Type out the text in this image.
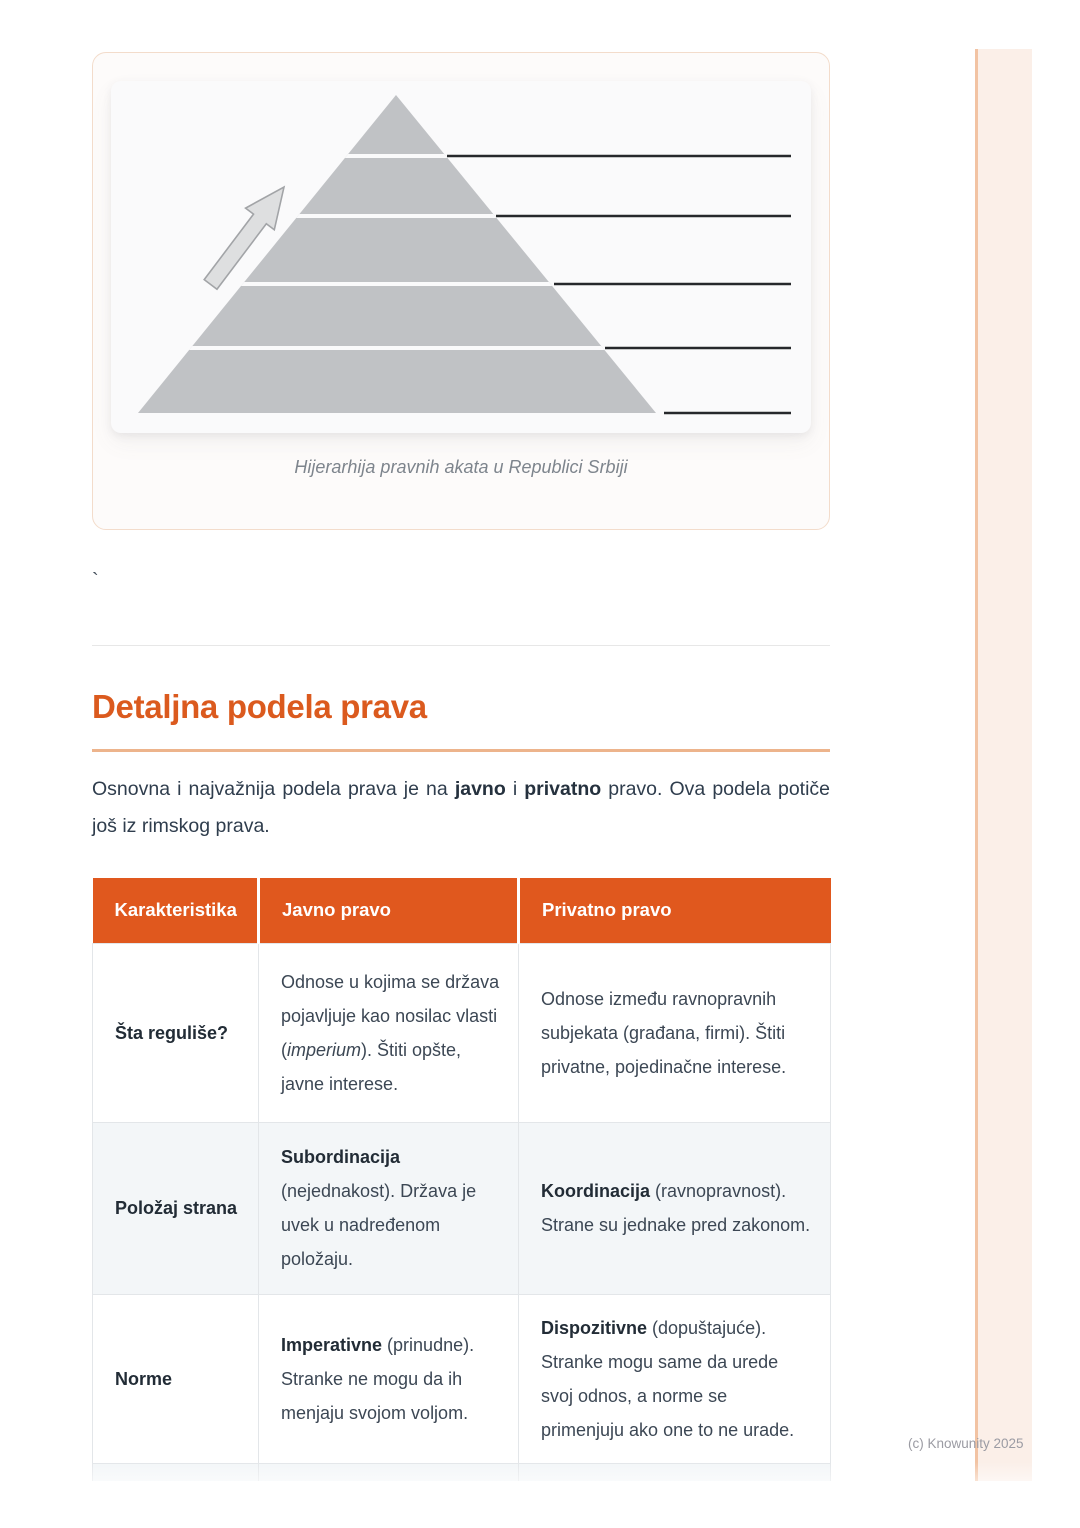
Hijerarhija pravnih akata u Republici Srbiji
`
Detaljna podela prava

Osnovna i najvažnija podela prava je na javno i privatno pravo. Ova podela potiče još iz rimskog prava.

Karakteristika	Javno pravo	Privatno pravo
Šta reguliše?	Odnose u kojima se država pojavljuje kao nosilac vlasti (imperium). Štiti opšte, javne interese.	Odnose između ravnopravnih subjekata (građana, firmi). Štiti privatne, pojedinačne interese.
Položaj strana	Subordinacija (nejednakost). Država je uvek u nadređenom položaju.	Koordinacija (ravnopravnost). Strane su jednake pred zakonom.
Norme	Imperativne (prinudne). Stranke ne mogu da ih menjaju svojom voljom.	Dispozitivne (dopuštajuće). Stranke mogu same da urede svoj odnos, a norme se primenjuju ako one to ne urade.

(c) Knowunity 2025
